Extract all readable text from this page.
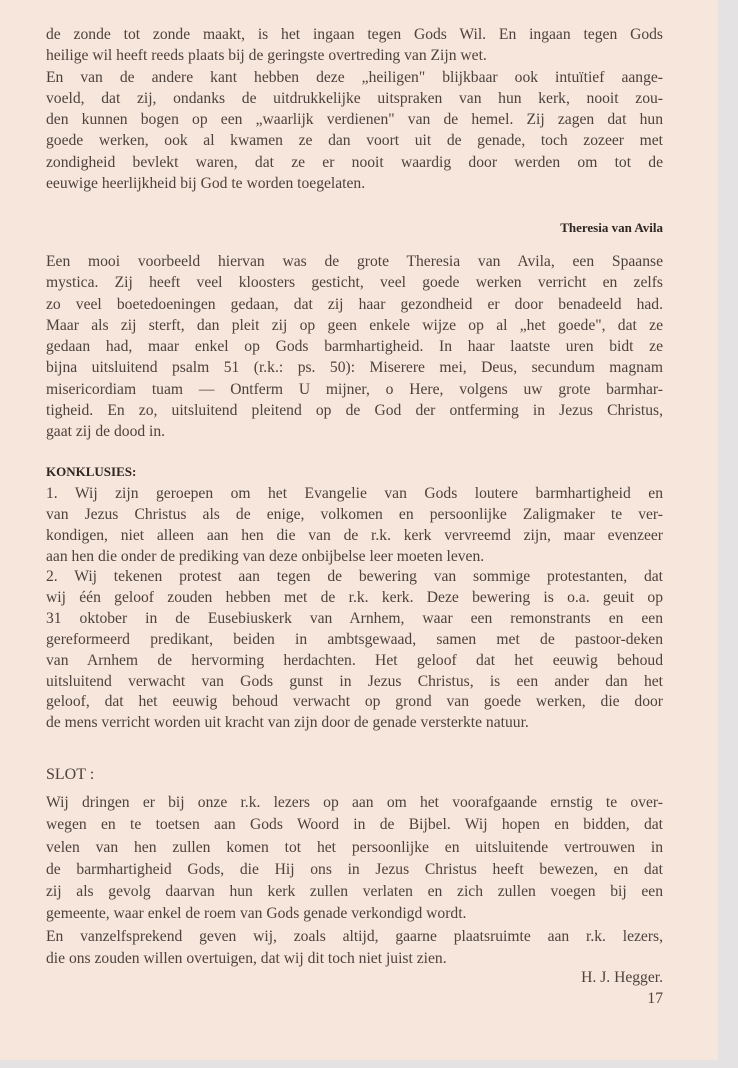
de zonde tot zonde maakt, is het ingaan tegen Gods Wil. En ingaan tegen Gods
heilige wil heeft reeds plaats bij de geringste overtreding van Zijn wet.
En van de andere kant hebben deze „heiligen" blijkbaar ook intuïtief aange-
voeld, dat zij, ondanks de uitdrukkelijke uitspraken van hun kerk, nooit zou-
den kunnen bogen op een „waarlijk verdienen" van de hemel. Zij zagen dat hun
goede werken, ook al kwamen ze dan voort uit de genade, toch zozeer met
zondigheid bevlekt waren, dat ze er nooit waardig door werden om tot de
eeuwige heerlijkheid bij God te worden toegelaten.
Theresia van Avila
Een mooi voorbeeld hiervan was de grote Theresia van Avila, een Spaanse
mystica. Zij heeft veel kloosters gesticht, veel goede werken verricht en zelfs
zo veel boetedoeningen gedaan, dat zij haar gezondheid er door benadeeld had.
Maar als zij sterft, dan pleit zij op geen enkele wijze op al „het goede", dat ze
gedaan had, maar enkel op Gods barmhartigheid. In haar laatste uren bidt ze
bijna uitsluitend psalm 51 (r.k.: ps. 50): Miserere mei, Deus, secundum magnam
misericordiam tuam — Ontferm U mijner, o Here, volgens uw grote barmhar-
tigheid. En zo, uitsluitend pleitend op de God der ontferming in Jezus Christus,
gaat zij de dood in.
KONKLUSIES:
1. Wij zijn geroepen om het Evangelie van Gods loutere barmhartigheid en
van Jezus Christus als de enige, volkomen en persoonlijke Zaligmaker te ver-
kondigen, niet alleen aan hen die van de r.k. kerk vervreemd zijn, maar evenzeer
aan hen die onder de prediking van deze onbijbelse leer moeten leven.
2. Wij tekenen protest aan tegen de bewering van sommige protestanten, dat
wij één geloof zouden hebben met de r.k. kerk. Deze bewering is o.a. geuit op
31 oktober in de Eusebiuskerk van Arnhem, waar een remonstrants en een
gereformeerd predikant, beiden in ambtsgewaad, samen met de pastoor-deken
van Arnhem de hervorming herdachten. Het geloof dat het eeuwig behoud
uitsluitend verwacht van Gods gunst in Jezus Christus, is een ander dan het
geloof, dat het eeuwig behoud verwacht op grond van goede werken, die door
de mens verricht worden uit kracht van zijn door de genade versterkte natuur.
SLOT :
Wij dringen er bij onze r.k. lezers op aan om het voorafgaande ernstig te over-
wegen en te toetsen aan Gods Woord in de Bijbel. Wij hopen en bidden, dat
velen van hen zullen komen tot het persoonlijke en uitsluitende vertrouwen in
de barmhartigheid Gods, die Hij ons in Jezus Christus heeft bewezen, en dat
zij als gevolg daarvan hun kerk zullen verlaten en zich zullen voegen bij een
gemeente, waar enkel de roem van Gods genade verkondigd wordt.
En vanzelfsprekend geven wij, zoals altijd, gaarne plaatsruimte aan r.k. lezers,
die ons zouden willen overtuigen, dat wij dit toch niet juist zien.
H. J. Hegger.
17
